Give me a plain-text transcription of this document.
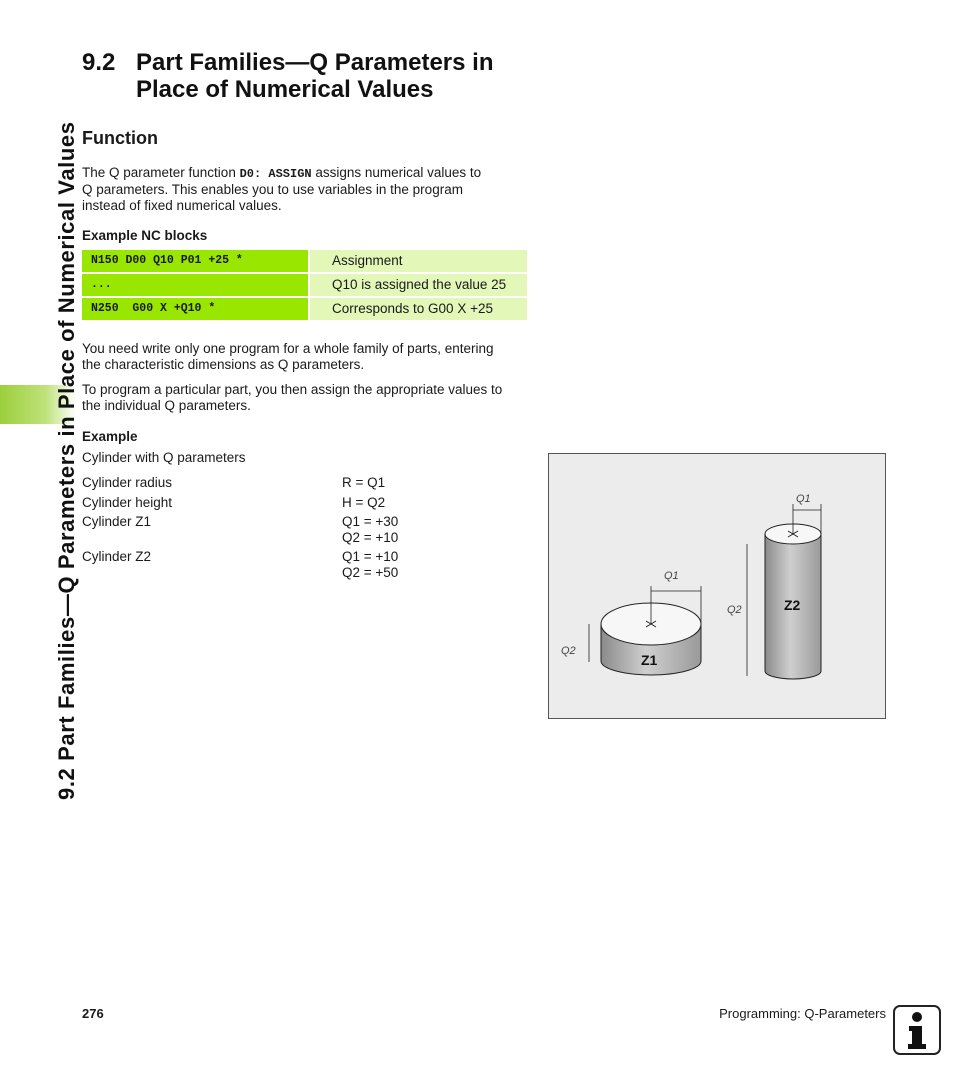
9.2 Part Families—Q Parameters in Place of Numerical Values
9.2 Part Families—Q Parameters in
Place of Numerical Values
Function
The Q parameter function D0: ASSIGN assigns numerical values to
Q parameters. This enables you to use variables in the program
instead of fixed numerical values.
Example NC blocks
N150 D00 Q10 P01 +25 *	Assignment
...	Q10 is assigned the value 25
N250  G00 X +Q10 *	Corresponds to G00 X +25
You need write only one program for a whole family of parts, entering
the characteristic dimensions as Q parameters.
To program a particular part, you then assign the appropriate values to
the individual Q parameters.
Example
Cylinder with Q parameters
Cylinder radius	R = Q1
Cylinder height	H = Q2
Cylinder Z1	Q1 = +30
Q2 = +10
Cylinder Z2	Q1 = +10
Q2 = +50
Z1
Q1
Q2
Z2
Q1
Q2
276	Programming: Q-Parameters
